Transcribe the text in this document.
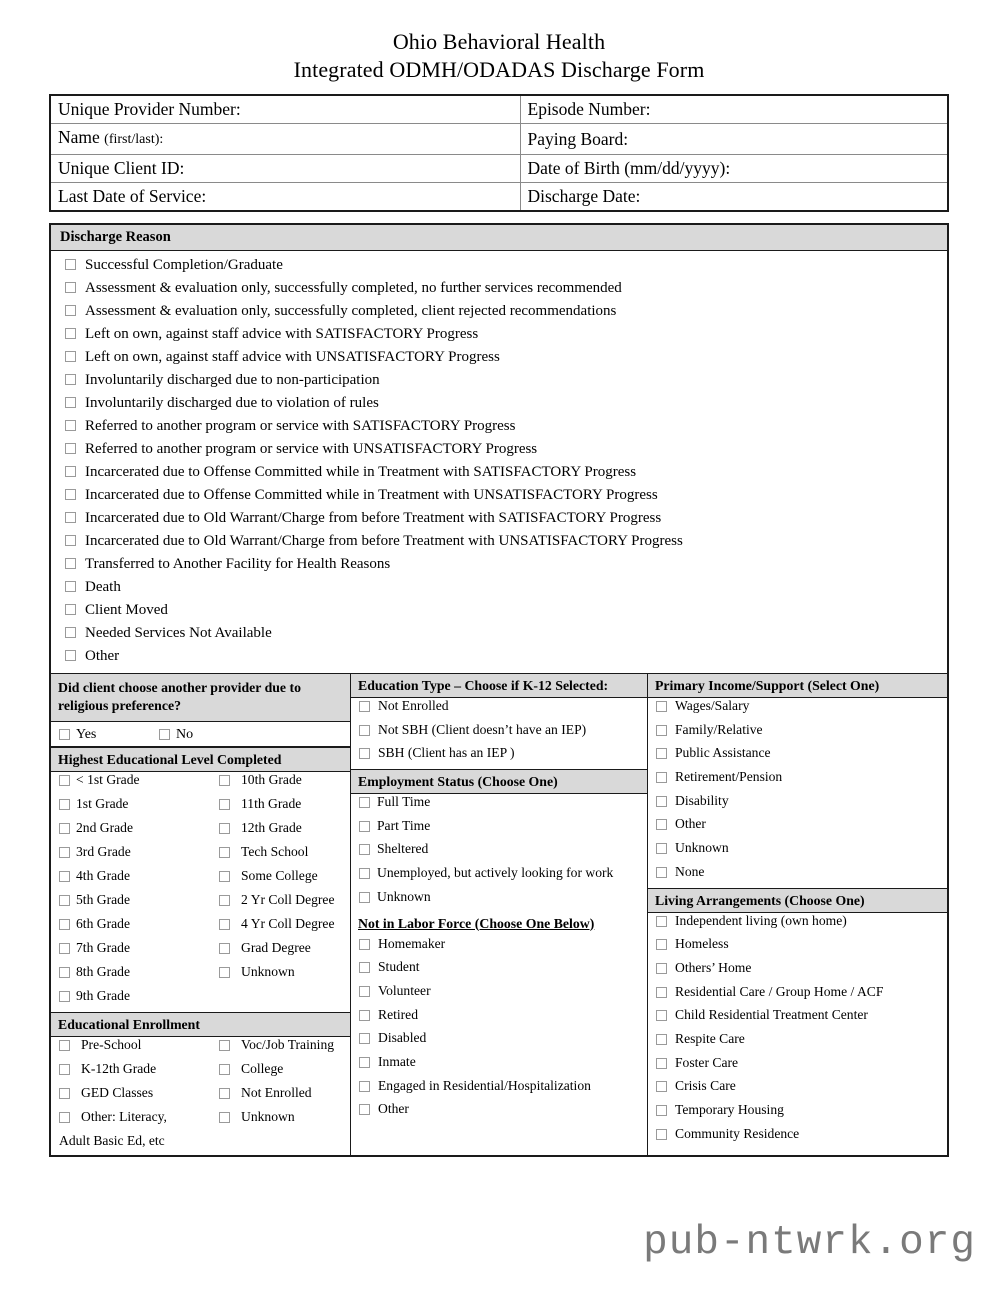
Ohio Behavioral Health
Integrated ODMH/ODADAS Discharge Form
Unique Provider Number:	Episode Number:
Name (first/last):	Paying Board:
Unique Client ID:	Date of Birth (mm/dd/yyyy):
Last Date of Service:	Discharge Date:
Discharge Reason
Successful Completion/Graduate
Assessment & evaluation only, successfully completed, no further services recommended
Assessment & evaluation only, successfully completed, client rejected recommendations
Left on own, against staff advice with SATISFACTORY Progress
Left on own, against staff advice with UNSATISFACTORY Progress
Involuntarily discharged due to non-participation
Involuntarily discharged due to violation of rules
Referred to another program or service with SATISFACTORY Progress
Referred to another program or service with UNSATISFACTORY Progress
Incarcerated due to Offense Committed while in Treatment with SATISFACTORY Progress
Incarcerated due to Offense Committed while in Treatment with UNSATISFACTORY Progress
Incarcerated due to Old Warrant/Charge from before Treatment with SATISFACTORY Progress
Incarcerated due to Old Warrant/Charge from before Treatment with UNSATISFACTORY Progress
Transferred to Another Facility for Health Reasons
Death
Client Moved
Needed Services Not Available
Other
Did client choose another provider due to religious preference?
Yes	No
Highest Educational Level Completed
< 1st Grade	10th Grade
1st Grade	11th Grade
2nd Grade	12th Grade
3rd Grade	Tech School
4th Grade	Some College
5th Grade	2 Yr Coll Degree
6th Grade	4 Yr Coll Degree
7th Grade	Grad Degree
8th Grade	Unknown
9th Grade
Educational Enrollment
Pre-School	Voc/Job Training
K-12th Grade	College
GED Classes	Not Enrolled
Other: Literacy,	Unknown
Adult Basic Ed, etc
Education Type – Choose if K-12 Selected:
Not Enrolled
Not SBH (Client doesn’t have an IEP)
SBH (Client has an IEP )
Employment Status (Choose One)
Full Time
Part Time
Sheltered
Unemployed, but actively looking for work
Unknown
Not in Labor Force (Choose One Below)
Homemaker
Student
Volunteer
Retired
Disabled
Inmate
Engaged in Residential/Hospitalization
Other
Primary Income/Support (Select One)
Wages/Salary
Family/Relative
Public Assistance
Retirement/Pension
Disability
Other
Unknown
None
Living Arrangements (Choose One)
Independent living (own home)
Homeless
Others’ Home
Residential Care / Group Home / ACF
Child Residential Treatment Center
Respite Care
Foster Care
Crisis Care
Temporary Housing
Community Residence
pub-ntwrk.org
